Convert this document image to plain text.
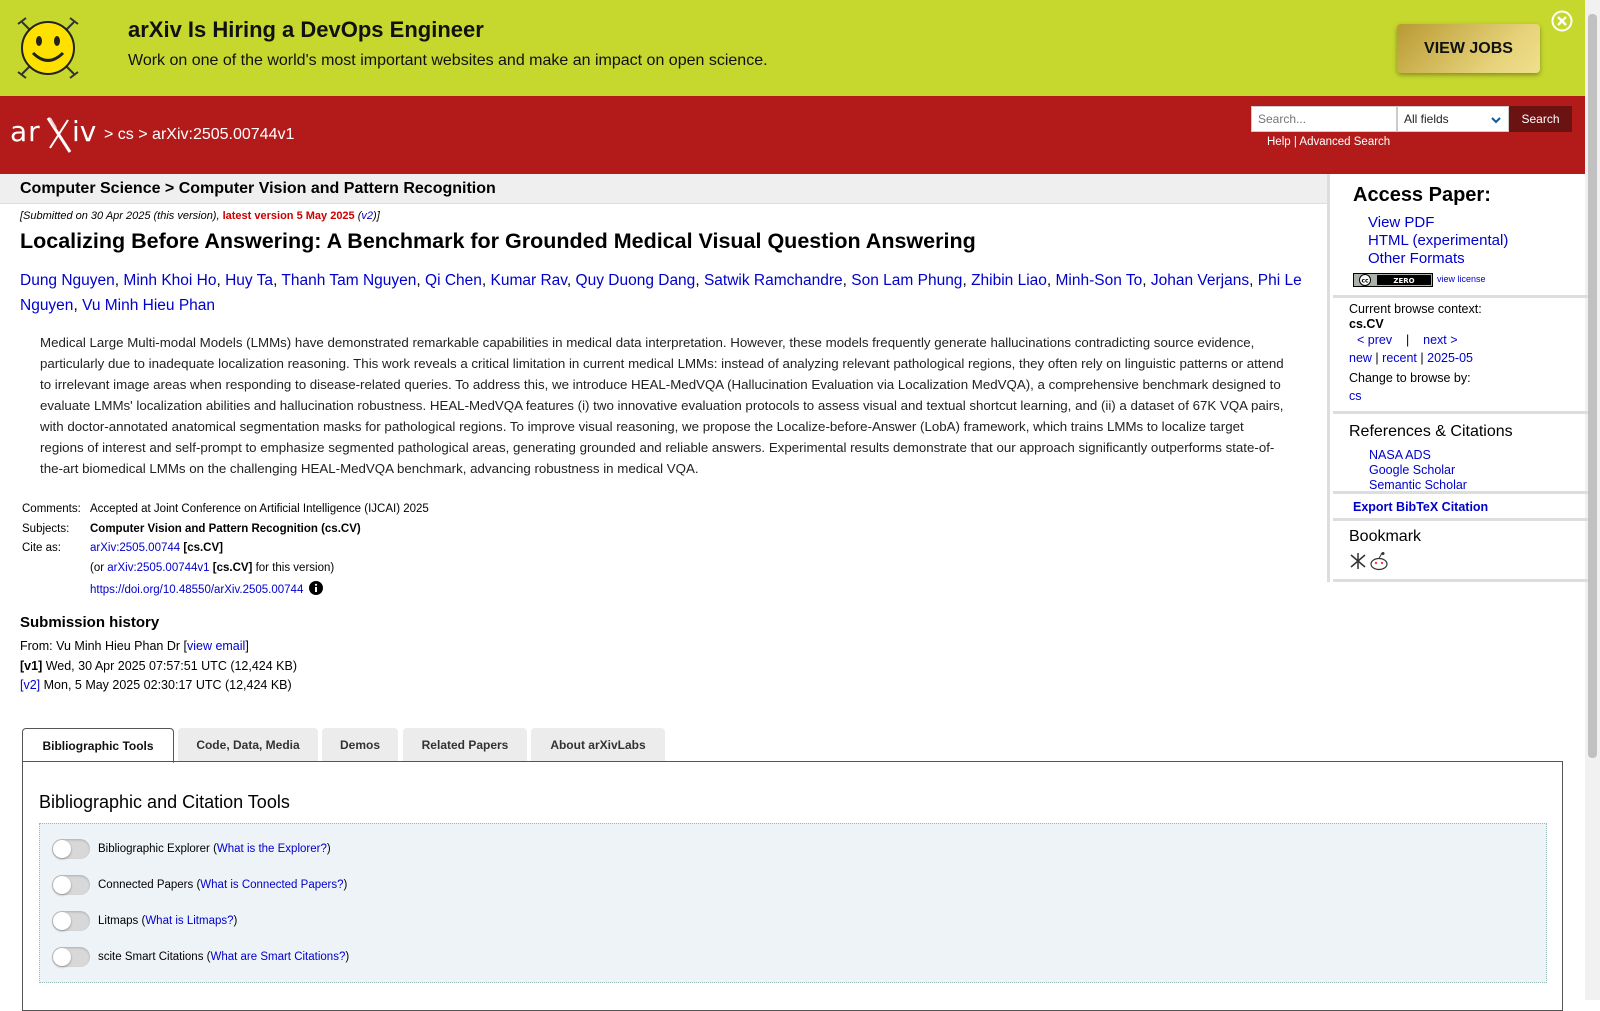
arXiv Is Hiring a DevOps Engineer
Work on one of the world's most important websites and make an impact on open science.
VIEW JOBS
ar iv > cs > arXiv:2505.00744v1
Search...
All fields	Search
Help | Advanced Search
Computer Science > Computer Vision and Pattern Recognition
[Submitted on 30 Apr 2025 (this version), latest version 5 May 2025 (v2)]
Localizing Before Answering: A Benchmark for Grounded Medical Visual Question Answering
Dung Nguyen, Minh Khoi Ho, Huy Ta, Thanh Tam Nguyen, Qi Chen, Kumar Rav, Quy Duong Dang, Satwik Ramchandre, Son Lam Phung, Zhibin Liao, Minh-Son To, Johan Verjans, Phi Le Nguyen, Vu Minh Hieu Phan
Medical Large Multi-modal Models (LMMs) have demonstrated remarkable capabilities in medical data interpretation. However, these models frequently generate hallucinations contradicting source evidence, particularly due to inadequate localization reasoning. This work reveals a critical limitation in current medical LMMs: instead of analyzing relevant pathological regions, they often rely on linguistic patterns or attend to irrelevant image areas when responding to disease-related queries. To address this, we introduce HEAL-MedVQA (Hallucination Evaluation via Localization MedVQA), a comprehensive benchmark designed to evaluate LMMs' localization abilities and hallucination robustness. HEAL-MedVQA features (i) two innovative evaluation protocols to assess visual and textual shortcut learning, and (ii) a dataset of 67K VQA pairs, with doctor-annotated anatomical segmentation masks for pathological regions. To improve visual reasoning, we propose the Localize-before-Answer (LobA) framework, which trains LMMs to localize target regions of interest and self-prompt to emphasize segmented pathological areas, generating grounded and reliable answers. Experimental results demonstrate that our approach significantly outperforms state-of-the-art biomedical LMMs on the challenging HEAL-MedVQA benchmark, advancing robustness in medical VQA.
Comments: Accepted at Joint Conference on Artificial Intelligence (IJCAI) 2025
Subjects:	Computer Vision and Pattern Recognition (cs.CV)
Cite as:	arXiv:2505.00744 [cs.CV]
(or arXiv:2505.00744v1 [cs.CV] for this version)
https://doi.org/10.48550/arXiv.2505.00744
Submission history
From: Vu Minh Hieu Phan Dr [view email]
[v1] Wed, 30 Apr 2025 07:57:51 UTC (12,424 KB)
[v2] Mon, 5 May 2025 02:30:17 UTC (12,424 KB)
Access Paper:
View PDF
HTML (experimental)
Other Formats
cc	ZERO view license
Current browse context:
cs.CV
< prev | next >
new | recent | 2025-05
Change to browse by:
cs
References & Citations
NASA ADS
Google Scholar
Semantic Scholar
Export BibTeX Citation
Bookmark
Bibliographic Tools	Code, Data, Media	Demos	Related Papers	About arXivLabs
Bibliographic and Citation Tools
Bibliographic Explorer ( What is the Explorer? )
Connected Papers ( What is Connected Papers? )
Litmaps ( What is Litmaps? )
scite Smart Citations ( What are Smart Citations? )
